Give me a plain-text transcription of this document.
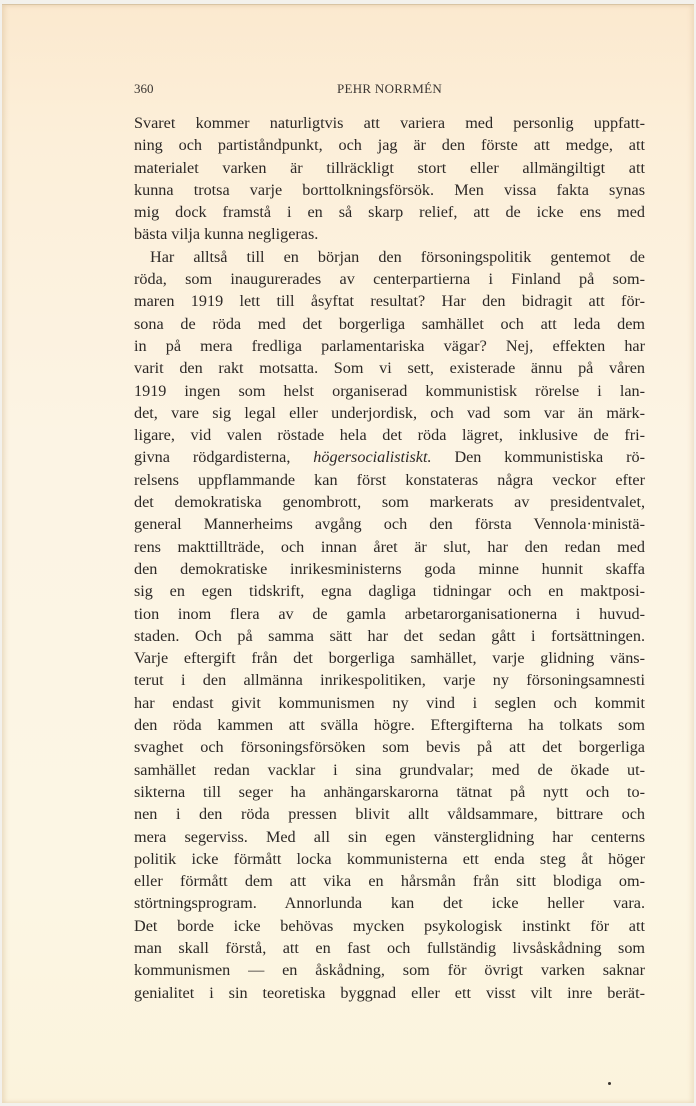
360	PEHR NORRMÉN
Svaret kommer naturligtvis att variera med personlig uppfatt-
ning och partiståndpunkt, och jag är den förste att medge, att
materialet varken är tillräckligt stort eller allmängiltigt att
kunna trotsa varje borttolkningsförsök. Men vissa fakta synas
mig dock framstå i en så skarp relief, att de icke ens med
bästa vilja kunna negligeras.
Har alltså till en början den försoningspolitik gentemot de
röda, som inaugurerades av centerpartierna i Finland på som-
maren 1919 lett till åsyftat resultat? Har den bidragit att för-
sona de röda med det borgerliga samhället och att leda dem
in på mera fredliga parlamentariska vägar? Nej, effekten har
varit den rakt motsatta. Som vi sett, existerade ännu på våren
1919 ingen som helst organiserad kommunistisk rörelse i lan-
det, vare sig legal eller underjordisk, och vad som var än märk-
ligare, vid valen röstade hela det röda lägret, inklusive de fri-
givna rödgardisterna, högersocialistiskt. Den kommunistiska rö-
relsens uppflammande kan först konstateras några veckor efter
det demokratiska genombrott, som markerats av presidentvalet,
general Mannerheims avgång och den första Vennola·ministä-
rens makttillträde, och innan året är slut, har den redan med
den demokratiske inrikesministerns goda minne hunnit skaffa
sig en egen tidskrift, egna dagliga tidningar och en maktposi-
tion inom flera av de gamla arbetarorganisationerna i huvud-
staden. Och på samma sätt har det sedan gått i fortsättningen.
Varje eftergift från det borgerliga samhället, varje glidning väns-
terut i den allmänna inrikespolitiken, varje ny försoningsamnesti
har endast givit kommunismen ny vind i seglen och kommit
den röda kammen att svälla högre. Eftergifterna ha tolkats som
svaghet och försoningsförsöken som bevis på att det borgerliga
samhället redan vacklar i sina grundvalar; med de ökade ut-
sikterna till seger ha anhängarskarorna tätnat på nytt och to-
nen i den röda pressen blivit allt våldsammare, bittrare och
mera segerviss. Med all sin egen vänsterglidning har centerns
politik icke förmått locka kommunisterna ett enda steg åt höger
eller förmått dem att vika en hårsmån från sitt blodiga om-
störtningsprogram. Annorlunda kan det icke heller vara.
Det borde icke behövas mycken psykologisk instinkt för att
man skall förstå, att en fast och fullständig livsåskådning som
kommunismen — en åskådning, som för övrigt varken saknar
genialitet i sin teoretiska byggnad eller ett visst vilt inre berät-
